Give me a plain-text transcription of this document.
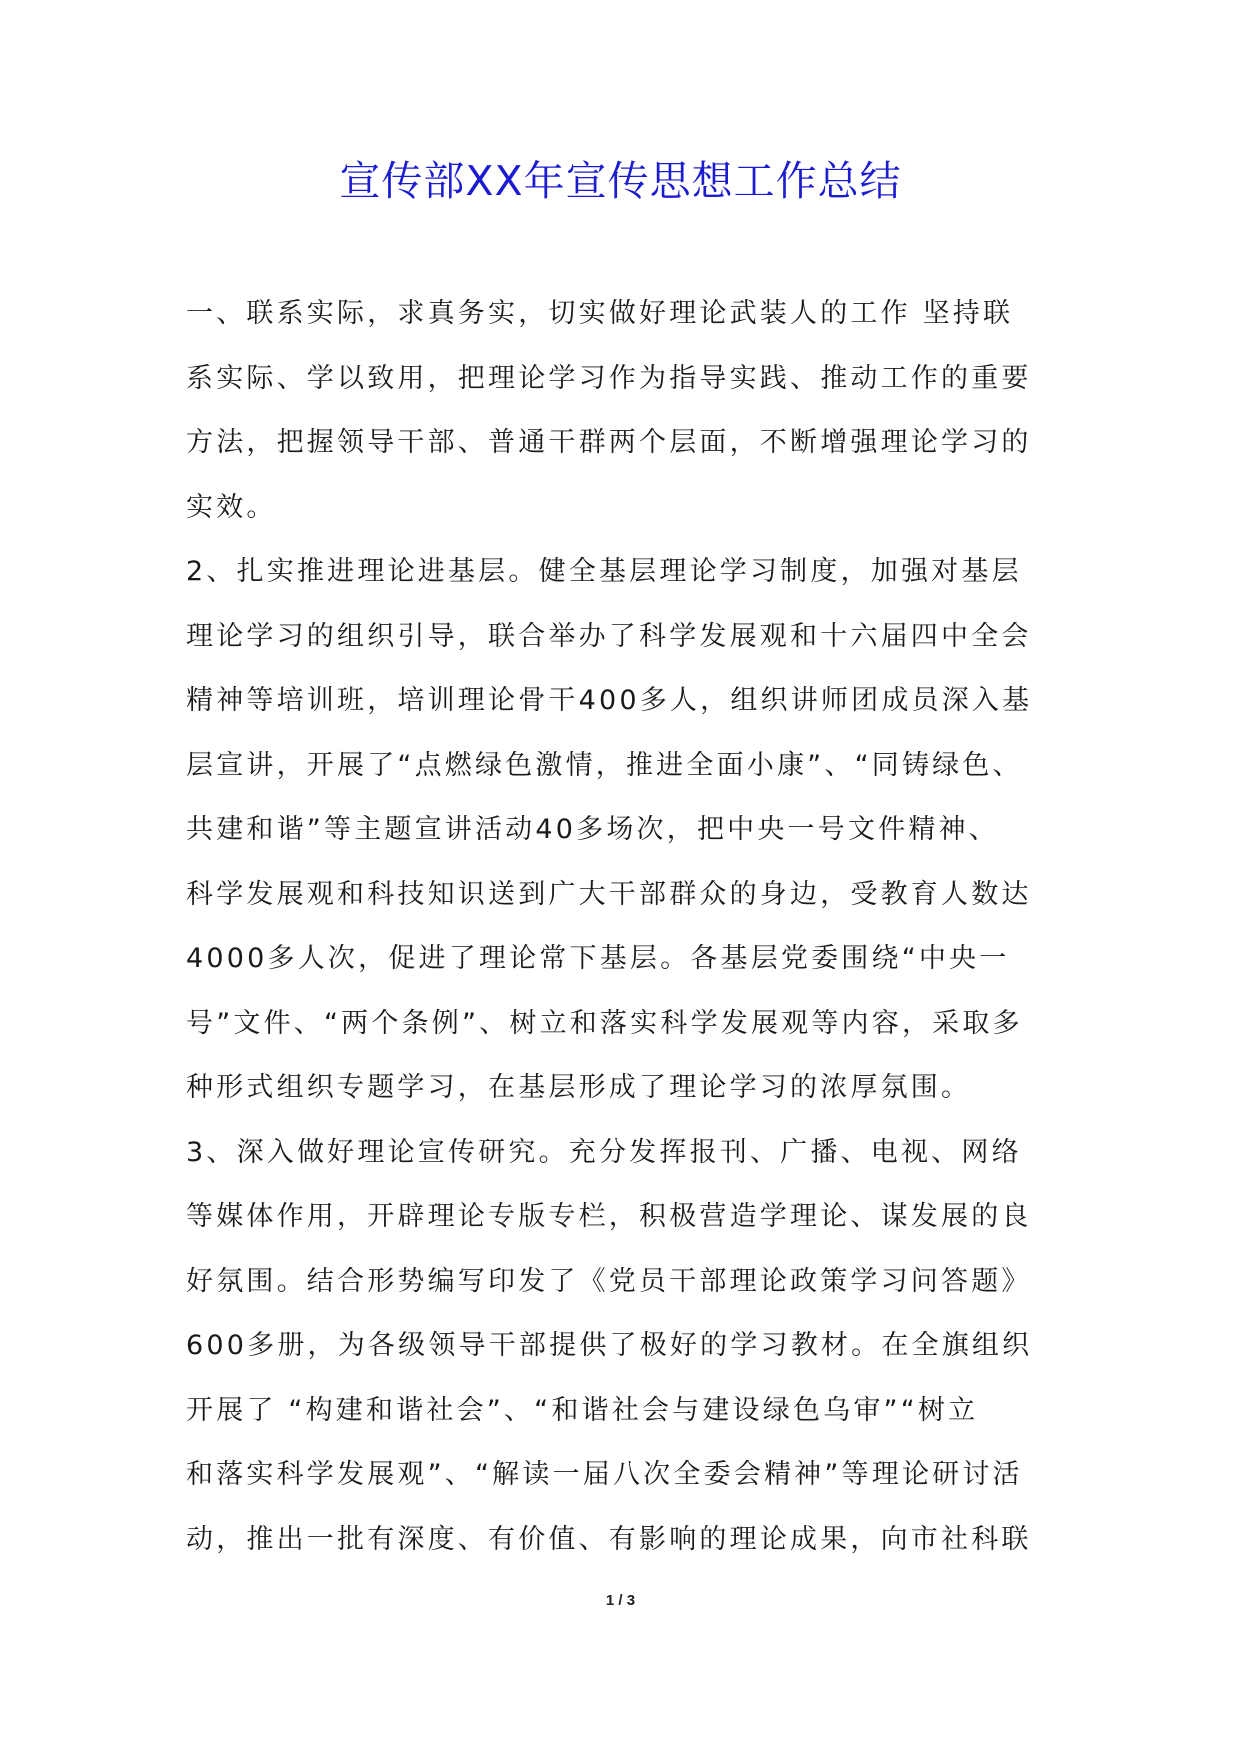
宣传部XX年宣传思想工作总结
一、联系实际，求真务实，切实做好理论武装人的工作 坚持联
系实际、学以致用，把理论学习作为指导实践、推动工作的重要
方法，把握领导干部、普通干群两个层面，不断增强理论学习的
实效。
2、扎实推进理论进基层。健全基层理论学习制度，加强对基层
理论学习的组织引导，联合举办了科学发展观和十六届四中全会
精神等培训班，培训理论骨干400多人，组织讲师团成员深入基
层宣讲，开展了“点燃绿色激情，推进全面小康”、“同铸绿色、
共建和谐”等主题宣讲活动40多场次，把中央一号文件精神、
科学发展观和科技知识送到广大干部群众的身边，受教育人数达
4000多人次，促进了理论常下基层。各基层党委围绕“中央一
号”文件、“两个条例”、树立和落实科学发展观等内容，采取多
种形式组织专题学习，在基层形成了理论学习的浓厚氛围。
3、深入做好理论宣传研究。充分发挥报刊、广播、电视、网络
等媒体作用，开辟理论专版专栏，积极营造学理论、谋发展的良
好氛围。结合形势编写印发了《党员干部理论政策学习问答题》
600多册，为各级领导干部提供了极好的学习教材。在全旗组织
开展了 “构建和谐社会”、“和谐社会与建设绿色乌审”“树立
和落实科学发展观”、“解读一届八次全委会精神”等理论研讨活
动，推出一批有深度、有价值、有影响的理论成果，向市社科联
1 / 3
